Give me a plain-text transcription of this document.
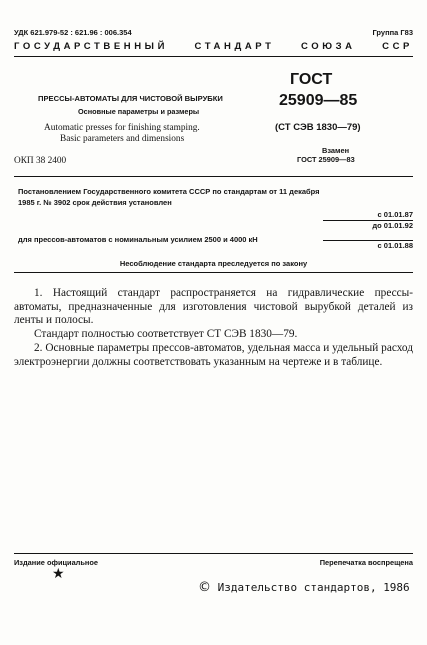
УДК 621.979-52 : 621.96 : 006.354	Группа Г83
ГОСУДАРСТВЕННЫЙ СТАНДАРТ СОЮЗА ССР
ПРЕССЫ-АВТОМАТЫ ДЛЯ ЧИСТОВОЙ ВЫРУБКИ
Основные параметры и размеры
Automatic presses for finishing stamping.
Basic parameters and dimensions
ОКП 38 2400
ГОСТ
25909—85
(СТ СЭВ 1830—79)
Взамен
ГОСТ 25909—83
Постановлением Государственного комитета СССР по стандартам от 11 декабря
1985 г. № 3902 срок действия установлен
с 01.01.87
до 01.01.92
для прессов-автоматов с номинальным усилием 2500 и 4000 кН
с 01.01.88
Несоблюдение стандарта преследуется по закону
1. Настоящий стандарт распространяется на гидравлические прессы-автоматы, предназначенные для изготовления чистовой вырубкой деталей из ленты и полосы.
Стандарт полностью соответствует СТ СЭВ 1830—79.
2. Основные параметры прессов-автоматов, удельная масса и удельный расход электроэнергии должны соответствовать указанным на чертеже и в таблице.
Издание официальное	Перепечатка воспрещена
★
© Издательство стандартов, 1986
